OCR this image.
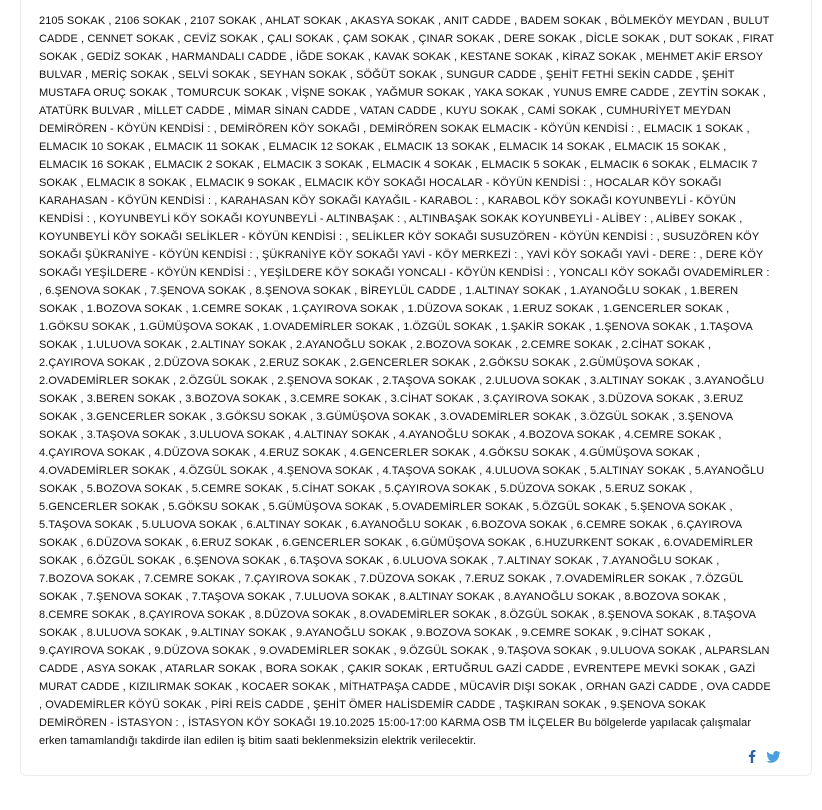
2105 SOKAK , 2106 SOKAK , 2107 SOKAK , AHLAT SOKAK , AKASYA SOKAK , ANIT CADDE , BADEM SOKAK , BÖLMEKÖY MEYDAN , BULUT CADDE , CENNET SOKAK , CEVİZ SOKAK , ÇALI SOKAK , ÇAM SOKAK , ÇINAR SOKAK , DERE SOKAK , DİCLE SOKAK , DUT SOKAK , FIRAT SOKAK , GEDİZ SOKAK , HARMANDALI CADDE , İĞDE SOKAK , KAVAK SOKAK , KESTANE SOKAK , KİRAZ SOKAK , MEHMET AKİF ERSOY BULVAR , MERİÇ SOKAK , SELVİ SOKAK , SEYHAN SOKAK , SÖĞÜT SOKAK , SUNGUR CADDE , ŞEHİT FETHİ SEKİN CADDE , ŞEHİT MUSTAFA ORUÇ SOKAK , TOMURCUK SOKAK , VİŞNE SOKAK , YAĞMUR SOKAK , YAKA SOKAK , YUNUS EMRE CADDE , ZEYTİN SOKAK , ATATÜRK BULVAR , MİLLET CADDE , MİMAR SİNAN CADDE , VATAN CADDE , KUYU SOKAK , CAMİ SOKAK , CUMHURİYET MEYDAN DEMİRÖREN - KÖYÜN KENDİSİ : , DEMİRÖREN KÖY SOKAĞI , DEMİRÖREN SOKAK ELMACIK - KÖYÜN KENDİSİ : , ELMACIK 1 SOKAK , ELMACIK 10 SOKAK , ELMACIK 11 SOKAK , ELMACIK 12 SOKAK , ELMACIK 13 SOKAK , ELMACIK 14 SOKAK , ELMACIK 15 SOKAK , ELMACIK 16 SOKAK , ELMACIK 2 SOKAK , ELMACIK 3 SOKAK , ELMACIK 4 SOKAK , ELMACIK 5 SOKAK , ELMACIK 6 SOKAK , ELMACIK 7 SOKAK , ELMACIK 8 SOKAK , ELMACIK 9 SOKAK , ELMACIK KÖY SOKAĞI HOCALAR - KÖYÜN KENDİSİ : , HOCALAR KÖY SOKAĞI KARAHASAN - KÖYÜN KENDİSİ : , KARAHASAN KÖY SOKAĞI KAYAĞIL - KARABOL : , KARABOL KÖY SOKAĞI KOYUNBEYLİ - KÖYÜN KENDİSİ : , KOYUNBEYLİ KÖY SOKAĞI KOYUNBEYLİ - ALTINBAŞAK : , ALTINBAŞAK SOKAK KOYUNBEYLİ - ALİBEY : , ALİBEY SOKAK , KOYUNBEYLİ KÖY SOKAĞI SELİKLER - KÖYÜN KENDİSİ : , SELİKLER KÖY SOKAĞI SUSUZÖREN - KÖYÜN KENDİSİ : , SUSUZÖREN KÖY SOKAĞI ŞÜKRANİYE - KÖYÜN KENDİSİ : , ŞÜKRANİYE KÖY SOKAĞI YAVİ - KÖY MERKEZİ : , YAVİ KÖY SOKAĞI YAVİ - DERE : , DERE KÖY SOKAĞI YEŞİLDERE - KÖYÜN KENDİSİ : , YEŞİLDERE KÖY SOKAĞI YONCALI - KÖYÜN KENDİSİ : , YONCALI KÖY SOKAĞI OVADEMİRLER : , 6.ŞENOVA SOKAK , 7.ŞENOVA SOKAK , 8.ŞENOVA SOKAK , BİREYLÜL CADDE , 1.ALTINAY SOKAK , 1.AYANOĞLU SOKAK , 1.BEREN SOKAK , 1.BOZOVA SOKAK , 1.CEMRE SOKAK , 1.ÇAYIROVA SOKAK , 1.DÜZOVA SOKAK , 1.ERUZ SOKAK , 1.GENCERLER SOKAK , 1.GÖKSU SOKAK , 1.GÜMÜŞOVA SOKAK , 1.OVADEMİRLER SOKAK , 1.ÖZGÜL SOKAK , 1.ŞAKİR SOKAK , 1.ŞENOVA SOKAK , 1.TAŞOVA SOKAK , 1.ULUOVA SOKAK , 2.ALTINAY SOKAK , 2.AYANOĞLU SOKAK , 2.BOZOVA SOKAK , 2.CEMRE SOKAK , 2.CİHAT SOKAK , 2.ÇAYIROVA SOKAK , 2.DÜZOVA SOKAK , 2.ERUZ SOKAK , 2.GENCERLER SOKAK , 2.GÖKSU SOKAK , 2.GÜMÜŞOVA SOKAK , 2.OVADEMİRLER SOKAK , 2.ÖZGÜL SOKAK , 2.ŞENOVA SOKAK , 2.TAŞOVA SOKAK , 2.ULUOVA SOKAK , 3.ALTINAY SOKAK , 3.AYANOĞLU SOKAK , 3.BEREN SOKAK , 3.BOZOVA SOKAK , 3.CEMRE SOKAK , 3.CİHAT SOKAK , 3.ÇAYIROVA SOKAK , 3.DÜZOVA SOKAK , 3.ERUZ SOKAK , 3.GENCERLER SOKAK , 3.GÖKSU SOKAK , 3.GÜMÜŞOVA SOKAK , 3.OVADEMİRLER SOKAK , 3.ÖZGÜL SOKAK , 3.ŞENOVA SOKAK , 3.TAŞOVA SOKAK , 3.ULUOVA SOKAK , 4.ALTINAY SOKAK , 4.AYANOĞLU SOKAK , 4.BOZOVA SOKAK , 4.CEMRE SOKAK , 4.ÇAYIROVA SOKAK , 4.DÜZOVA SOKAK , 4.ERUZ SOKAK , 4.GENCERLER SOKAK , 4.GÖKSU SOKAK , 4.GÜMÜŞOVA SOKAK , 4.OVADEMİRLER SOKAK , 4.ÖZGÜL SOKAK , 4.ŞENOVA SOKAK , 4.TAŞOVA SOKAK , 4.ULUOVA SOKAK , 5.ALTINAY SOKAK , 5.AYANOĞLU SOKAK , 5.BOZOVA SOKAK , 5.CEMRE SOKAK , 5.CİHAT SOKAK , 5.ÇAYIROVA SOKAK , 5.DÜZOVA SOKAK , 5.ERUZ SOKAK , 5.GENCERLER SOKAK , 5.GÖKSU SOKAK , 5.GÜMÜŞOVA SOKAK , 5.OVADEMİRLER SOKAK , 5.ÖZGÜL SOKAK , 5.ŞENOVA SOKAK , 5.TAŞOVA SOKAK , 5.ULUOVA SOKAK , 6.ALTINAY SOKAK , 6.AYANOĞLU SOKAK , 6.BOZOVA SOKAK , 6.CEMRE SOKAK , 6.ÇAYIROVA SOKAK , 6.DÜZOVA SOKAK , 6.ERUZ SOKAK , 6.GENCERLER SOKAK , 6.GÜMÜŞOVA SOKAK , 6.HUZURKENT SOKAK , 6.OVADEMİRLER SOKAK , 6.ÖZGÜL SOKAK , 6.ŞENOVA SOKAK , 6.TAŞOVA SOKAK , 6.ULUOVA SOKAK , 7.ALTINAY SOKAK , 7.AYANOĞLU SOKAK , 7.BOZOVA SOKAK , 7.CEMRE SOKAK , 7.ÇAYIROVA SOKAK , 7.DÜZOVA SOKAK , 7.ERUZ SOKAK , 7.OVADEMİRLER SOKAK , 7.ÖZGÜL SOKAK , 7.ŞENOVA SOKAK , 7.TAŞOVA SOKAK , 7.ULUOVA SOKAK , 8.ALTINAY SOKAK , 8.AYANOĞLU SOKAK , 8.BOZOVA SOKAK , 8.CEMRE SOKAK , 8.ÇAYIROVA SOKAK , 8.DÜZOVA SOKAK , 8.OVADEMİRLER SOKAK , 8.ÖZGÜL SOKAK , 8.ŞENOVA SOKAK , 8.TAŞOVA SOKAK , 8.ULUOVA SOKAK , 9.ALTINAY SOKAK , 9.AYANOĞLU SOKAK , 9.BOZOVA SOKAK , 9.CEMRE SOKAK , 9.CİHAT SOKAK , 9.ÇAYIROVA SOKAK , 9.DÜZOVA SOKAK , 9.OVADEMİRLER SOKAK , 9.ÖZGÜL SOKAK , 9.TAŞOVA SOKAK , 9.ULUOVA SOKAK , ALPARSLAN CADDE , ASYA SOKAK , ATARLAR SOKAK , BORA SOKAK , ÇAKIR SOKAK , ERTUĞRUL GAZİ CADDE , EVRENTEPE MEVKİ SOKAK , GAZİ MURAT CADDE , KIZILIRMAK SOKAK , KOCAER SOKAK , MİTHATPAŞA CADDE , MÜCAVİR DIŞI SOKAK , ORHAN GAZİ CADDE , OVA CADDE , OVADEMİRLER KÖYÜ SOKAK , PİRİ REİS CADDE , ŞEHİT ÖMER HALİSDEMİR CADDE , TAŞKIRAN SOKAK , 9.ŞENOVA SOKAK DEMİRÖREN - İSTASYON : , İSTASYON KÖY SOKAĞI 19.10.2025 15:00-17:00 KARMA OSB TM İLÇELER Bu bölgelerde yapılacak çalışmalar erken tamamlandığı takdirde ilan edilen iş bitim saati beklenmeksizin elektrik verilecektir.
